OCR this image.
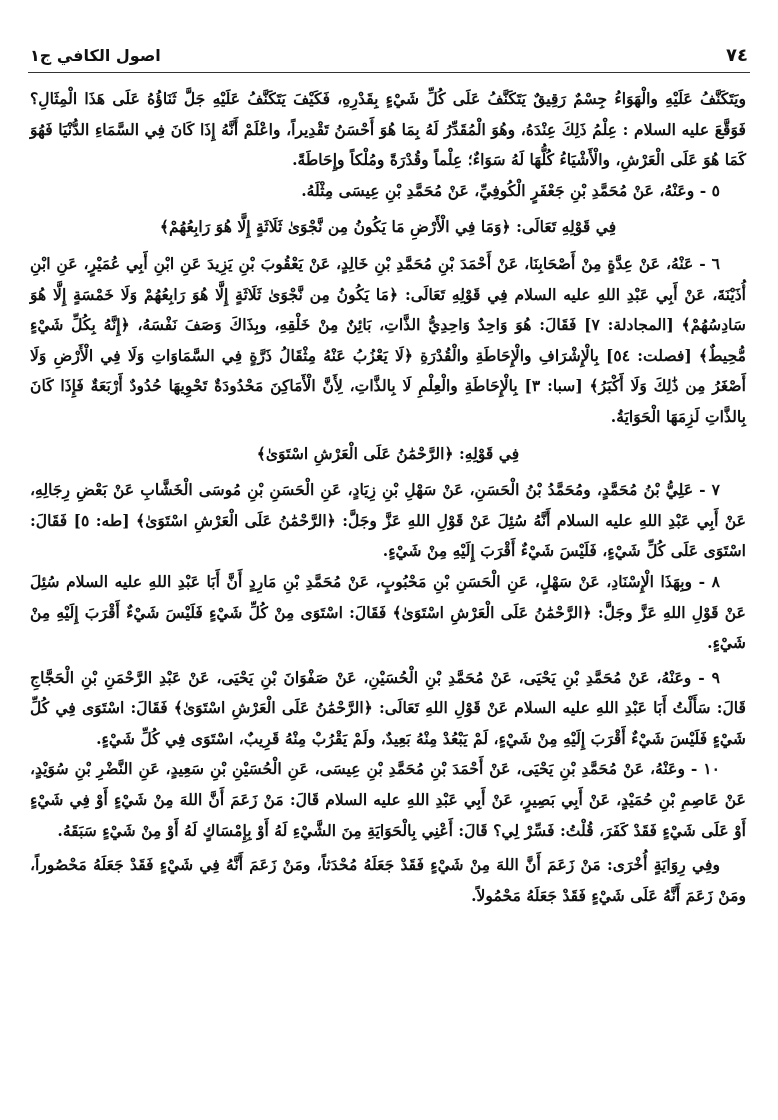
اصول الكافي ج١	٧٤

ويَتَكَنَّفُ عَلَيْهِ والْهَوَاءُ جِسْمٌ رَقِيقٌ يَتَكَنَّفُ عَلَى كُلِّ شَيْءٍ بِقَدْرِهِ، فَكَيْفَ يَتَكَنَّفُ عَلَيْهِ جَلَّ ثَنَاؤُهُ عَلَى هَذَا الْمِثَالِ؟ فَوَقَّعَ عليه السلام : عِلْمُ ذَلِكَ عِنْدَهُ، وهُوَ الْمُقَدِّرُ لَهُ بِمَا هُوَ أَحْسَنُ تَقْدِيراً، واعْلَمْ أَنَّهُ إِذَا كَانَ فِي السَّمَاءِ الدُّنْيَا فَهُوَ كَمَا هُوَ عَلَى الْعَرْشِ، والْأَشْيَاءُ كُلُّهَا لَهُ سَوَاءٌ؛ عِلْماً وقُدْرَةً ومُلْكاً وإِحَاطَةً.

٥ - وعَنْهُ، عَنْ مُحَمَّدِ بْنِ جَعْفَرٍ الْكُوفِيِّ، عَنْ مُحَمَّدِ بْنِ عِيسَى مِثْلَهُ.

فِي قَوْلِهِ تَعَالَى: ﴿وَمَا فِي الْأَرْضِ مَا يَكُونُ مِن نَّجْوَىٰ ثَلَاثَةٍ إِلَّا هُوَ رَابِعُهُمْ﴾

٦ - عَنْهُ، عَنْ عِدَّةٍ مِنْ أَصْحَابِنَا، عَنْ أَحْمَدَ بْنِ مُحَمَّدِ بْنِ خَالِدٍ، عَنْ يَعْقُوبَ بْنِ يَزِيدَ عَنِ ابْنِ أَبِي عُمَيْرٍ، عَنِ ابْنِ أُذَيْنَةَ، عَنْ أَبِي عَبْدِ اللهِ عليه السلام فِي قَوْلِهِ تَعَالَى: ﴿مَا يَكُونُ مِن نَّجْوَىٰ ثَلَاثَةٍ إِلَّا هُوَ رَابِعُهُمْ وَلَا خَمْسَةٍ إِلَّا هُوَ سَادِسُهُمْ﴾ [المجادلة: ٧] فَقَالَ: هُوَ وَاحِدٌ وَاحِدِيُّ الذَّاتِ، بَائِنٌ مِنْ خَلْقِهِ، وبِذَاكَ وَصَفَ نَفْسَهُ، ﴿إِنَّهُ بِكُلِّ شَيْءٍ مُّحِيطٌ﴾ [فصلت: ٥٤] بِالْإِشْرَافِ والْإِحَاطَةِ والْقُدْرَةِ ﴿لَا يَعْزُبُ عَنْهُ مِثْقَالُ ذَرَّةٍ فِي السَّمَاوَاتِ وَلَا فِي الْأَرْضِ وَلَا أَصْغَرُ مِن ذَٰلِكَ وَلَا أَكْبَرُ﴾ [سبا: ٣] بِالْإِحَاطَةِ والْعِلْمِ لَا بِالذَّاتِ، لِأَنَّ الْأَمَاكِنَ مَحْدُودَةٌ تَحْوِيهَا حُدُودٌ أَرْبَعَةٌ فَإِذَا كَانَ بِالذَّاتِ لَزِمَهَا الْحَوَايَةُ.

فِي قَوْلِهِ: ﴿الرَّحْمَٰنُ عَلَى الْعَرْشِ اسْتَوَىٰ﴾

٧ - عَلِيُّ بْنُ مُحَمَّدٍ، ومُحَمَّدُ بْنُ الْحَسَنِ، عَنْ سَهْلِ بْنِ زِيَادٍ، عَنِ الْحَسَنِ بْنِ مُوسَى الْخَشَّابِ عَنْ بَعْضِ رِجَالِهِ، عَنْ أَبِي عَبْدِ اللهِ عليه السلام أَنَّهُ سُئِلَ عَنْ قَوْلِ اللهِ عَزَّ وجَلَّ: ﴿الرَّحْمَٰنُ عَلَى الْعَرْشِ اسْتَوَىٰ﴾ [طه: ٥] فَقَالَ: اسْتَوَى عَلَى كُلِّ شَيْءٍ، فَلَيْسَ شَيْءٌ أَقْرَبَ إِلَيْهِ مِنْ شَيْءٍ.

٨ - وبِهَذَا الْإِسْنَادِ، عَنْ سَهْلٍ، عَنِ الْحَسَنِ بْنِ مَحْبُوبٍ، عَنْ مُحَمَّدِ بْنِ مَارِدٍ أَنَّ أَبَا عَبْدِ اللهِ عليه السلام سُئِلَ عَنْ قَوْلِ اللهِ عَزَّ وجَلَّ: ﴿الرَّحْمَٰنُ عَلَى الْعَرْشِ اسْتَوَىٰ﴾ فَقَالَ: اسْتَوَى مِنْ كُلِّ شَيْءٍ فَلَيْسَ شَيْءٌ أَقْرَبَ إِلَيْهِ مِنْ شَيْءٍ.

٩ - وعَنْهُ، عَنْ مُحَمَّدِ بْنِ يَحْيَى، عَنْ مُحَمَّدِ بْنِ الْحُسَيْنِ، عَنْ صَفْوَانَ بْنِ يَحْيَى، عَنْ عَبْدِ الرَّحْمَنِ بْنِ الْحَجَّاجِ قَالَ: سَأَلْتُ أَبَا عَبْدِ اللهِ عليه السلام عَنْ قَوْلِ اللهِ تَعَالَى: ﴿الرَّحْمَٰنُ عَلَى الْعَرْشِ اسْتَوَىٰ﴾ فَقَالَ: اسْتَوَى فِي كُلِّ شَيْءٍ فَلَيْسَ شَيْءٌ أَقْرَبَ إِلَيْهِ مِنْ شَيْءٍ، لَمْ يَبْعُدْ مِنْهُ بَعِيدٌ، ولَمْ يَقْرُبْ مِنْهُ قَرِيبٌ، اسْتَوَى فِي كُلِّ شَيْءٍ.

١٠ - وعَنْهُ، عَنْ مُحَمَّدِ بْنِ يَحْيَى، عَنْ أَحْمَدَ بْنِ مُحَمَّدِ بْنِ عِيسَى، عَنِ الْحُسَيْنِ بْنِ سَعِيدٍ، عَنِ النَّضْرِ بْنِ سُوَيْدٍ، عَنْ عَاصِمِ بْنِ حُمَيْدٍ، عَنْ أَبِي بَصِيرٍ، عَنْ أَبِي عَبْدِ اللهِ عليه السلام قَالَ: مَنْ زَعَمَ أَنَّ اللهَ مِنْ شَيْءٍ أَوْ فِي شَيْءٍ أَوْ عَلَى شَيْءٍ فَقَدْ كَفَرَ، قُلْتُ: فَسِّرْ لِي؟ قَالَ: أَعْنِي بِالْحَوَايَةِ مِنَ الشَّيْءِ لَهُ أَوْ بِإِمْسَاكٍ لَهُ أَوْ مِنْ شَيْءٍ سَبَقَهُ.

وفِي رِوَايَةٍ أُخْرَى: مَنْ زَعَمَ أَنَّ اللهَ مِنْ شَيْءٍ فَقَدْ جَعَلَهُ مُحْدَثاً، ومَنْ زَعَمَ أَنَّهُ فِي شَيْءٍ فَقَدْ جَعَلَهُ مَحْصُوراً، ومَنْ زَعَمَ أَنَّهُ عَلَى شَيْءٍ فَقَدْ جَعَلَهُ مَحْمُولاً.
